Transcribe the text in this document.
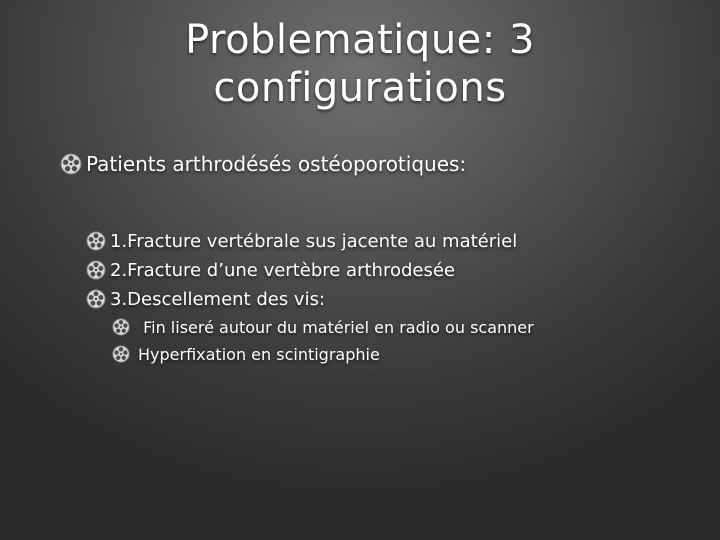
Problematique: 3
configurations
Patients arthrodésés ostéoporotiques:
1.Fracture vertébrale sus jacente au matériel
2.Fracture d’une vertèbre arthrodesée
3.Descellement des vis:
Fin liseré autour du matériel en radio ou scanner
Hyperfixation en scintigraphie
